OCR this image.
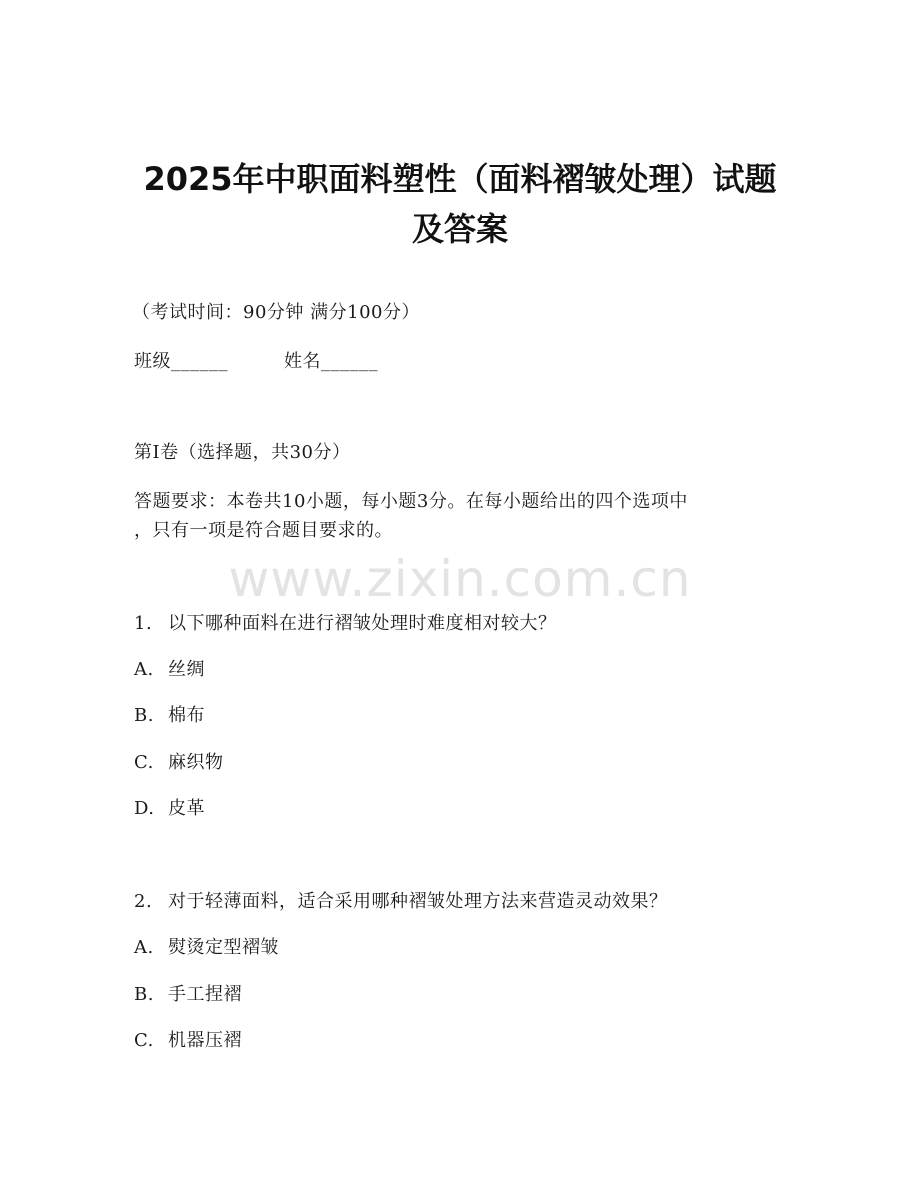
2025年中职面料塑性（面料褶皱处理）试题
及答案
（考试时间：90分钟 满分100分）
班级______	姓名______
第I卷（选择题，共30分）
答题要求：本卷共10小题，每小题3分。在每小题给出的四个选项中
，只有一项是符合题目要求的。
www.zixin.com.cn
1. 以下哪种面料在进行褶皱处理时难度相对较大？
A. 丝绸
B. 棉布
C. 麻织物
D. 皮革
2. 对于轻薄面料，适合采用哪种褶皱处理方法来营造灵动效果？
A. 熨烫定型褶皱
B. 手工捏褶
C. 机器压褶
